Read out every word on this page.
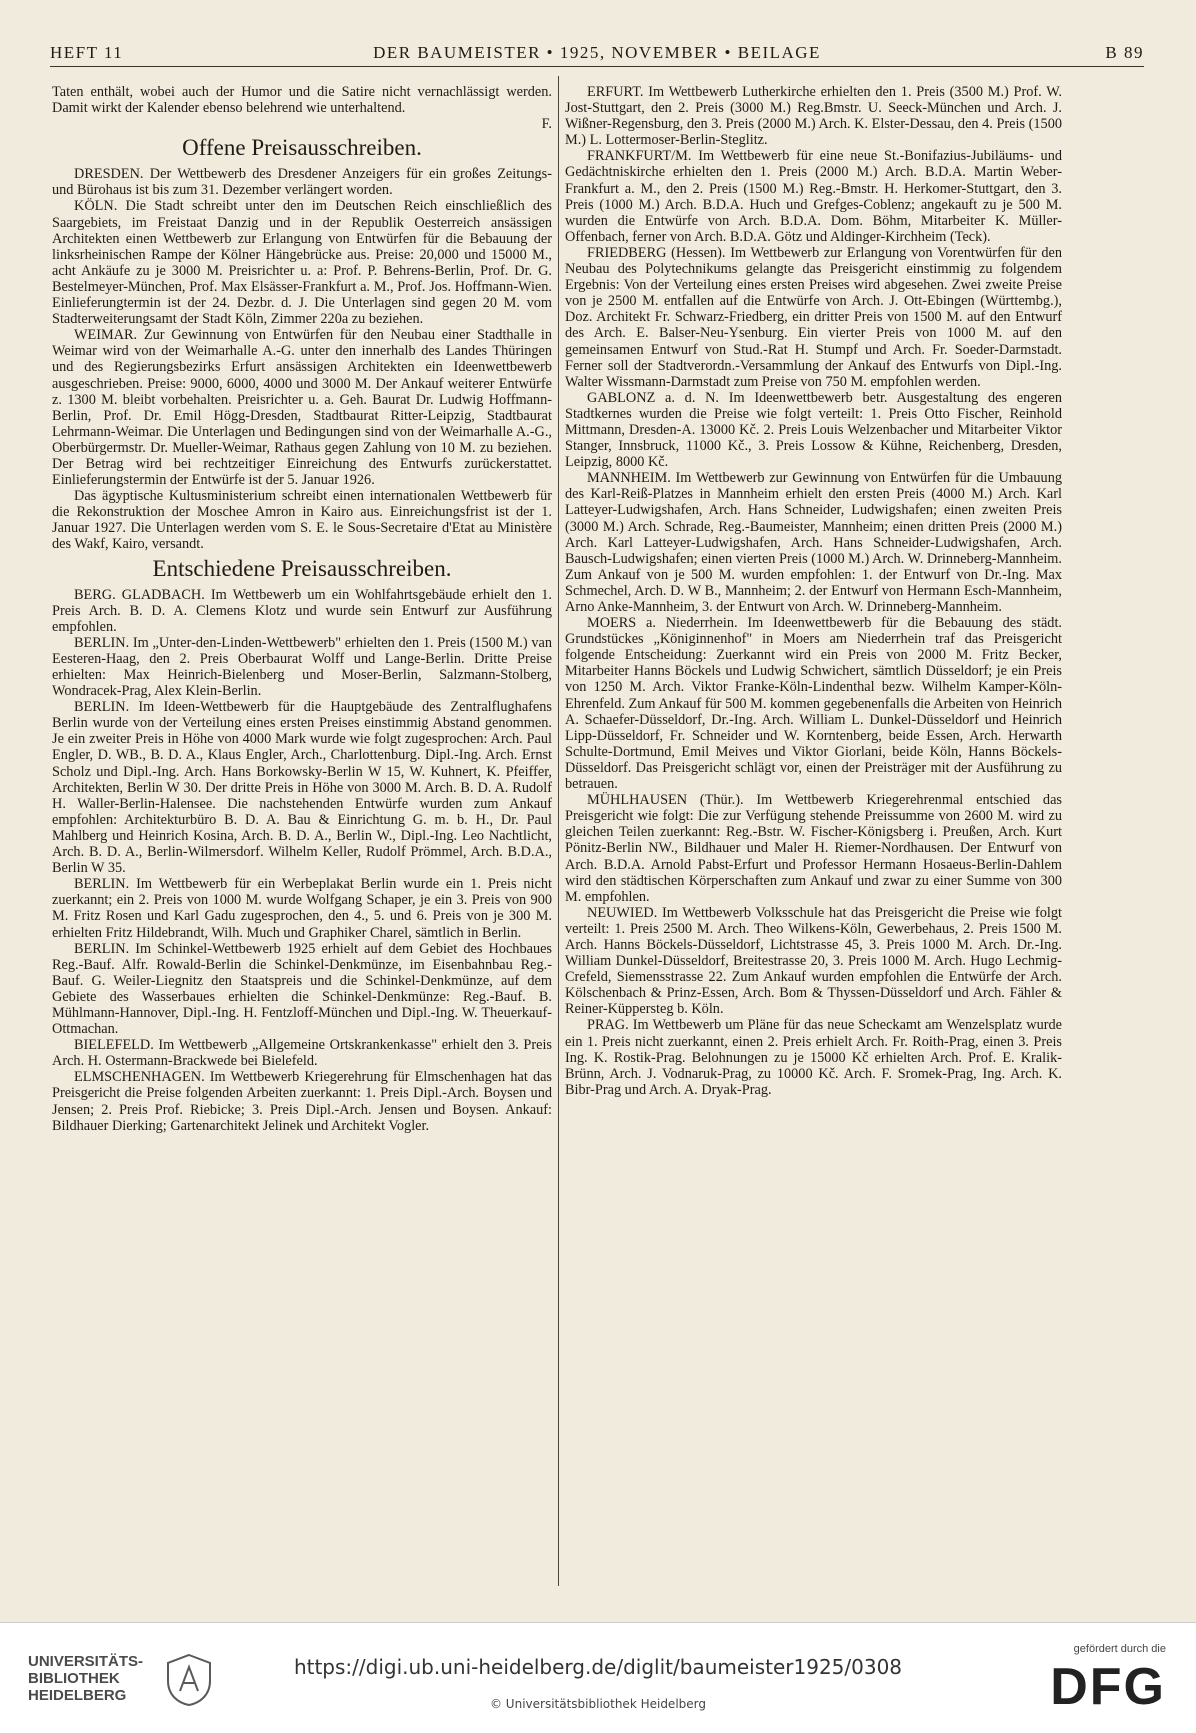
HEFT 11	DER BAUMEISTER • 1925, NOVEMBER • BEILAGE	B 89

Taten enthält, wobei auch der Humor und die Satire nicht vernachlässigt werden. Damit wirkt der Kalender ebenso belehrend wie unterhaltend.

F.

Offene Preisausschreiben.

DRESDEN. Der Wettbewerb des Dresdener Anzeigers für ein großes Zeitungs- und Bürohaus ist bis zum 31. Dezember verlängert worden.

KÖLN. Die Stadt schreibt unter den im Deutschen Reich einschließlich des Saargebiets, im Freistaat Danzig und in der Republik Oesterreich ansässigen Architekten einen Wettbewerb zur Erlangung von Entwürfen für die Bebauung der linksrheinischen Rampe der Kölner Hängebrücke aus. Preise: 20,000 und 15000 M., acht Ankäufe zu je 3000 M. Preisrichter u. a: Prof. P. Behrens-Berlin, Prof. Dr. G. Bestelmeyer-München, Prof. Max Elsässer-Frankfurt a. M., Prof. Jos. Hoffmann-Wien. Einlieferungtermin ist der 24. Dezbr. d. J. Die Unterlagen sind gegen 20 M. vom Stadterweiterungsamt der Stadt Köln, Zimmer 220a zu beziehen.

WEIMAR. Zur Gewinnung von Entwürfen für den Neubau einer Stadthalle in Weimar wird von der Weimarhalle A.-G. unter den innerhalb des Landes Thüringen und des Regierungsbezirks Erfurt ansässigen Architekten ein Ideenwettbewerb ausgeschrieben. Preise: 9000, 6000, 4000 und 3000 M. Der Ankauf weiterer Entwürfe z. 1300 M. bleibt vorbehalten. Preisrichter u. a. Geh. Baurat Dr. Ludwig Hoffmann-Berlin, Prof. Dr. Emil Högg-Dresden, Stadtbaurat Ritter-Leipzig, Stadtbaurat Lehrmann-Weimar. Die Unterlagen und Bedingungen sind von der Weimarhalle A.-G., Oberbürgermstr. Dr. Mueller-Weimar, Rathaus gegen Zahlung von 10 M. zu beziehen. Der Betrag wird bei rechtzeitiger Einreichung des Entwurfs zurückerstattet. Einlieferungstermin der Entwürfe ist der 5. Januar 1926.

Das ägyptische Kultusministerium schreibt einen internationalen Wettbewerb für die Rekonstruktion der Moschee Amron in Kairo aus. Einreichungsfrist ist der 1. Januar 1927. Die Unterlagen werden vom S. E. le Sous-Secretaire d'Etat au Ministère des Wakf, Kairo, versandt.

Entschiedene Preisausschreiben.

BERG. GLADBACH. Im Wettbewerb um ein Wohlfahrtsgebäude erhielt den 1. Preis Arch. B. D. A. Clemens Klotz und wurde sein Entwurf zur Ausführung empfohlen.

BERLIN. Im „Unter-den-Linden-Wettbewerb" erhielten den 1. Preis (1500 M.) van Eesteren-Haag, den 2. Preis Oberbaurat Wolff und Lange-Berlin. Dritte Preise erhielten: Max Heinrich-Bielenberg und Moser-Berlin, Salzmann-Stolberg, Wondracek-Prag, Alex Klein-Berlin.

BERLIN. Im Ideen-Wettbewerb für die Hauptgebäude des Zentralflughafens Berlin wurde von der Verteilung eines ersten Preises einstimmig Abstand genommen. Je ein zweiter Preis in Höhe von 4000 Mark wurde wie folgt zugesprochen: Arch. Paul Engler, D. WB., B. D. A., Klaus Engler, Arch., Charlottenburg. Dipl.-Ing. Arch. Ernst Scholz und Dipl.-Ing. Arch. Hans Borkowsky-Berlin W 15, W. Kuhnert, K. Pfeiffer, Architekten, Berlin W 30. Der dritte Preis in Höhe von 3000 M. Arch. B. D. A. Rudolf H. Waller-Berlin-Halensee. Die nachstehenden Entwürfe wurden zum Ankauf empfohlen: Architekturbüro B. D. A. Bau & Einrichtung G. m. b. H., Dr. Paul Mahlberg und Heinrich Kosina, Arch. B. D. A., Berlin W., Dipl.-Ing. Leo Nachtlicht, Arch. B. D. A., Berlin-Wilmersdorf. Wilhelm Keller, Rudolf Prömmel, Arch. B.D.A., Berlin W 35.

BERLIN. Im Wettbewerb für ein Werbeplakat Berlin wurde ein 1. Preis nicht zuerkannt; ein 2. Preis von 1000 M. wurde Wolfgang Schaper, je ein 3. Preis von 900 M. Fritz Rosen und Karl Gadu zugesprochen, den 4., 5. und 6. Preis von je 300 M. erhielten Fritz Hildebrandt, Wilh. Much und Graphiker Charel, sämtlich in Berlin.

BERLIN. Im Schinkel-Wettbewerb 1925 erhielt auf dem Gebiet des Hochbaues Reg.-Bauf. Alfr. Rowald-Berlin die Schinkel-Denkmünze, im Eisenbahnbau Reg.-Bauf. G. Weiler-Liegnitz den Staatspreis und die Schinkel-Denkmünze, auf dem Gebiete des Wasserbaues erhielten die Schinkel-Denkmünze: Reg.-Bauf. B. Mühlmann-Hannover, Dipl.-Ing. H. Fentzloff-München und Dipl.-Ing. W. Theuerkauf-Ottmachan.

BIELEFELD. Im Wettbewerb „Allgemeine Ortskrankenkasse" erhielt den 3. Preis Arch. H. Ostermann-Brackwede bei Bielefeld.

ELMSCHENHAGEN. Im Wettbewerb Kriegerehrung für Elmschenhagen hat das Preisgericht die Preise folgenden Arbeiten zuerkannt: 1. Preis Dipl.-Arch. Boysen und Jensen; 2. Preis Prof. Riebicke; 3. Preis Dipl.-Arch. Jensen und Boysen. Ankauf: Bildhauer Dierking; Gartenarchitekt Jelinek und Architekt Vogler.

ERFURT. Im Wettbewerb Lutherkirche erhielten den 1. Preis (3500 M.) Prof. W. Jost-Stuttgart, den 2. Preis (3000 M.) Reg.Bmstr. U. Seeck-München und Arch. J. Wißner-Regensburg, den 3. Preis (2000 M.) Arch. K. Elster-Dessau, den 4. Preis (1500 M.) L. Lottermoser-Berlin-Steglitz.

FRANKFURT/M. Im Wettbewerb für eine neue St.-Bonifazius-Jubiläums- und Gedächtniskirche erhielten den 1. Preis (2000 M.) Arch. B.D.A. Martin Weber-Frankfurt a. M., den 2. Preis (1500 M.) Reg.-Bmstr. H. Herkomer-Stuttgart, den 3. Preis (1000 M.) Arch. B.D.A. Huch und Grefges-Coblenz; angekauft zu je 500 M. wurden die Entwürfe von Arch. B.D.A. Dom. Böhm, Mitarbeiter K. Müller-Offenbach, ferner von Arch. B.D.A. Götz und Aldinger-Kirchheim (Teck).

FRIEDBERG (Hessen). Im Wettbewerb zur Erlangung von Vorentwürfen für den Neubau des Polytechnikums gelangte das Preisgericht einstimmig zu folgendem Ergebnis: Von der Verteilung eines ersten Preises wird abgesehen. Zwei zweite Preise von je 2500 M. entfallen auf die Entwürfe von Arch. J. Ott-Ebingen (Württembg.), Doz. Architekt Fr. Schwarz-Friedberg, ein dritter Preis von 1500 M. auf den Entwurf des Arch. E. Balser-Neu-Ysenburg. Ein vierter Preis von 1000 M. auf den gemeinsamen Entwurf von Stud.-Rat H. Stumpf und Arch. Fr. Soeder-Darmstadt. Ferner soll der Stadtverordn.-Versammlung der Ankauf des Entwurfs von Dipl.-Ing. Walter Wissmann-Darmstadt zum Preise von 750 M. empfohlen werden.

GABLONZ a. d. N. Im Ideenwettbewerb betr. Ausgestaltung des engeren Stadtkernes wurden die Preise wie folgt verteilt: 1. Preis Otto Fischer, Reinhold Mittmann, Dresden-A. 13000 Kč. 2. Preis Louis Welzenbacher und Mitarbeiter Viktor Stanger, Innsbruck, 11000 Kč., 3. Preis Lossow & Kühne, Reichenberg, Dresden, Leipzig, 8000 Kč.

MANNHEIM. Im Wettbewerb zur Gewinnung von Entwürfen für die Umbauung des Karl-Reiß-Platzes in Mannheim erhielt den ersten Preis (4000 M.) Arch. Karl Latteyer-Ludwigshafen, Arch. Hans Schneider, Ludwigshafen; einen zweiten Preis (3000 M.) Arch. Schrade, Reg.-Baumeister, Mannheim; einen dritten Preis (2000 M.) Arch. Karl Latteyer-Ludwigshafen, Arch. Hans Schneider-Ludwigshafen, Arch. Bausch-Ludwigshafen; einen vierten Preis (1000 M.) Arch. W. Drinneberg-Mannheim. Zum Ankauf von je 500 M. wurden empfohlen: 1. der Entwurf von Dr.-Ing. Max Schmechel, Arch. D. W B., Mannheim; 2. der Entwurf von Hermann Esch-Mannheim, Arno Anke-Mannheim, 3. der Entwurt von Arch. W. Drinneberg-Mannheim.

MOERS a. Niederrhein. Im Ideenwettbewerb für die Bebauung des städt. Grundstückes „Königinnenhof" in Moers am Niederrhein traf das Preisgericht folgende Entscheidung: Zuerkannt wird ein Preis von 2000 M. Fritz Becker, Mitarbeiter Hanns Böckels und Ludwig Schwichert, sämtlich Düsseldorf; je ein Preis von 1250 M. Arch. Viktor Franke-Köln-Lindenthal bezw. Wilhelm Kamper-Köln-Ehrenfeld. Zum Ankauf für 500 M. kommen gegebenenfalls die Arbeiten von Heinrich A. Schaefer-Düsseldorf, Dr.-Ing. Arch. William L. Dunkel-Düsseldorf und Heinrich Lipp-Düsseldorf, Fr. Schneider und W. Korntenberg, beide Essen, Arch. Herwarth Schulte-Dortmund, Emil Meives und Viktor Giorlani, beide Köln, Hanns Böckels-Düsseldorf. Das Preisgericht schlägt vor, einen der Preisträger mit der Ausführung zu betrauen.

MÜHLHAUSEN (Thür.). Im Wettbewerb Kriegerehrenmal entschied das Preisgericht wie folgt: Die zur Verfügung stehende Preissumme von 2600 M. wird zu gleichen Teilen zuerkannt: Reg.-Bstr. W. Fischer-Königsberg i. Preußen, Arch. Kurt Pönitz-Berlin NW., Bildhauer und Maler H. Riemer-Nordhausen. Der Entwurf von Arch. B.D.A. Arnold Pabst-Erfurt und Professor Hermann Hosaeus-Berlin-Dahlem wird den städtischen Körperschaften zum Ankauf und zwar zu einer Summe von 300 M. empfohlen.

NEUWIED. Im Wettbewerb Volksschule hat das Preisgericht die Preise wie folgt verteilt: 1. Preis 2500 M. Arch. Theo Wilkens-Köln, Gewerbehaus, 2. Preis 1500 M. Arch. Hanns Böckels-Düsseldorf, Lichtstrasse 45, 3. Preis 1000 M. Arch. Dr.-Ing. William Dunkel-Düsseldorf, Breitestrasse 20, 3. Preis 1000 M. Arch. Hugo Lechmig-Crefeld, Siemensstrasse 22. Zum Ankauf wurden empfohlen die Entwürfe der Arch. Kölschenbach & Prinz-Essen, Arch. Bom & Thyssen-Düsseldorf und Arch. Fähler & Reiner-Küppersteg b. Köln.

PRAG. Im Wettbewerb um Pläne für das neue Scheckamt am Wenzelsplatz wurde ein 1. Preis nicht zuerkannt, einen 2. Preis erhielt Arch. Fr. Roith-Prag, einen 3. Preis Ing. K. Rostik-Prag. Belohnungen zu je 15000 Kč erhielten Arch. Prof. E. Kralik-Brünn, Arch. J. Vodnaruk-Prag, zu 10000 Kč. Arch. F. Sromek-Prag, Ing. Arch. K. Bibr-Prag und Arch. A. Dryak-Prag.

UNIVERSITÄTS-
BIBLIOTHEK
HEIDELBERG
https://digi.ub.uni-heidelberg.de/diglit/baumeister1925/0308
© Universitätsbibliothek Heidelberg
gefördert durch die
DFG
